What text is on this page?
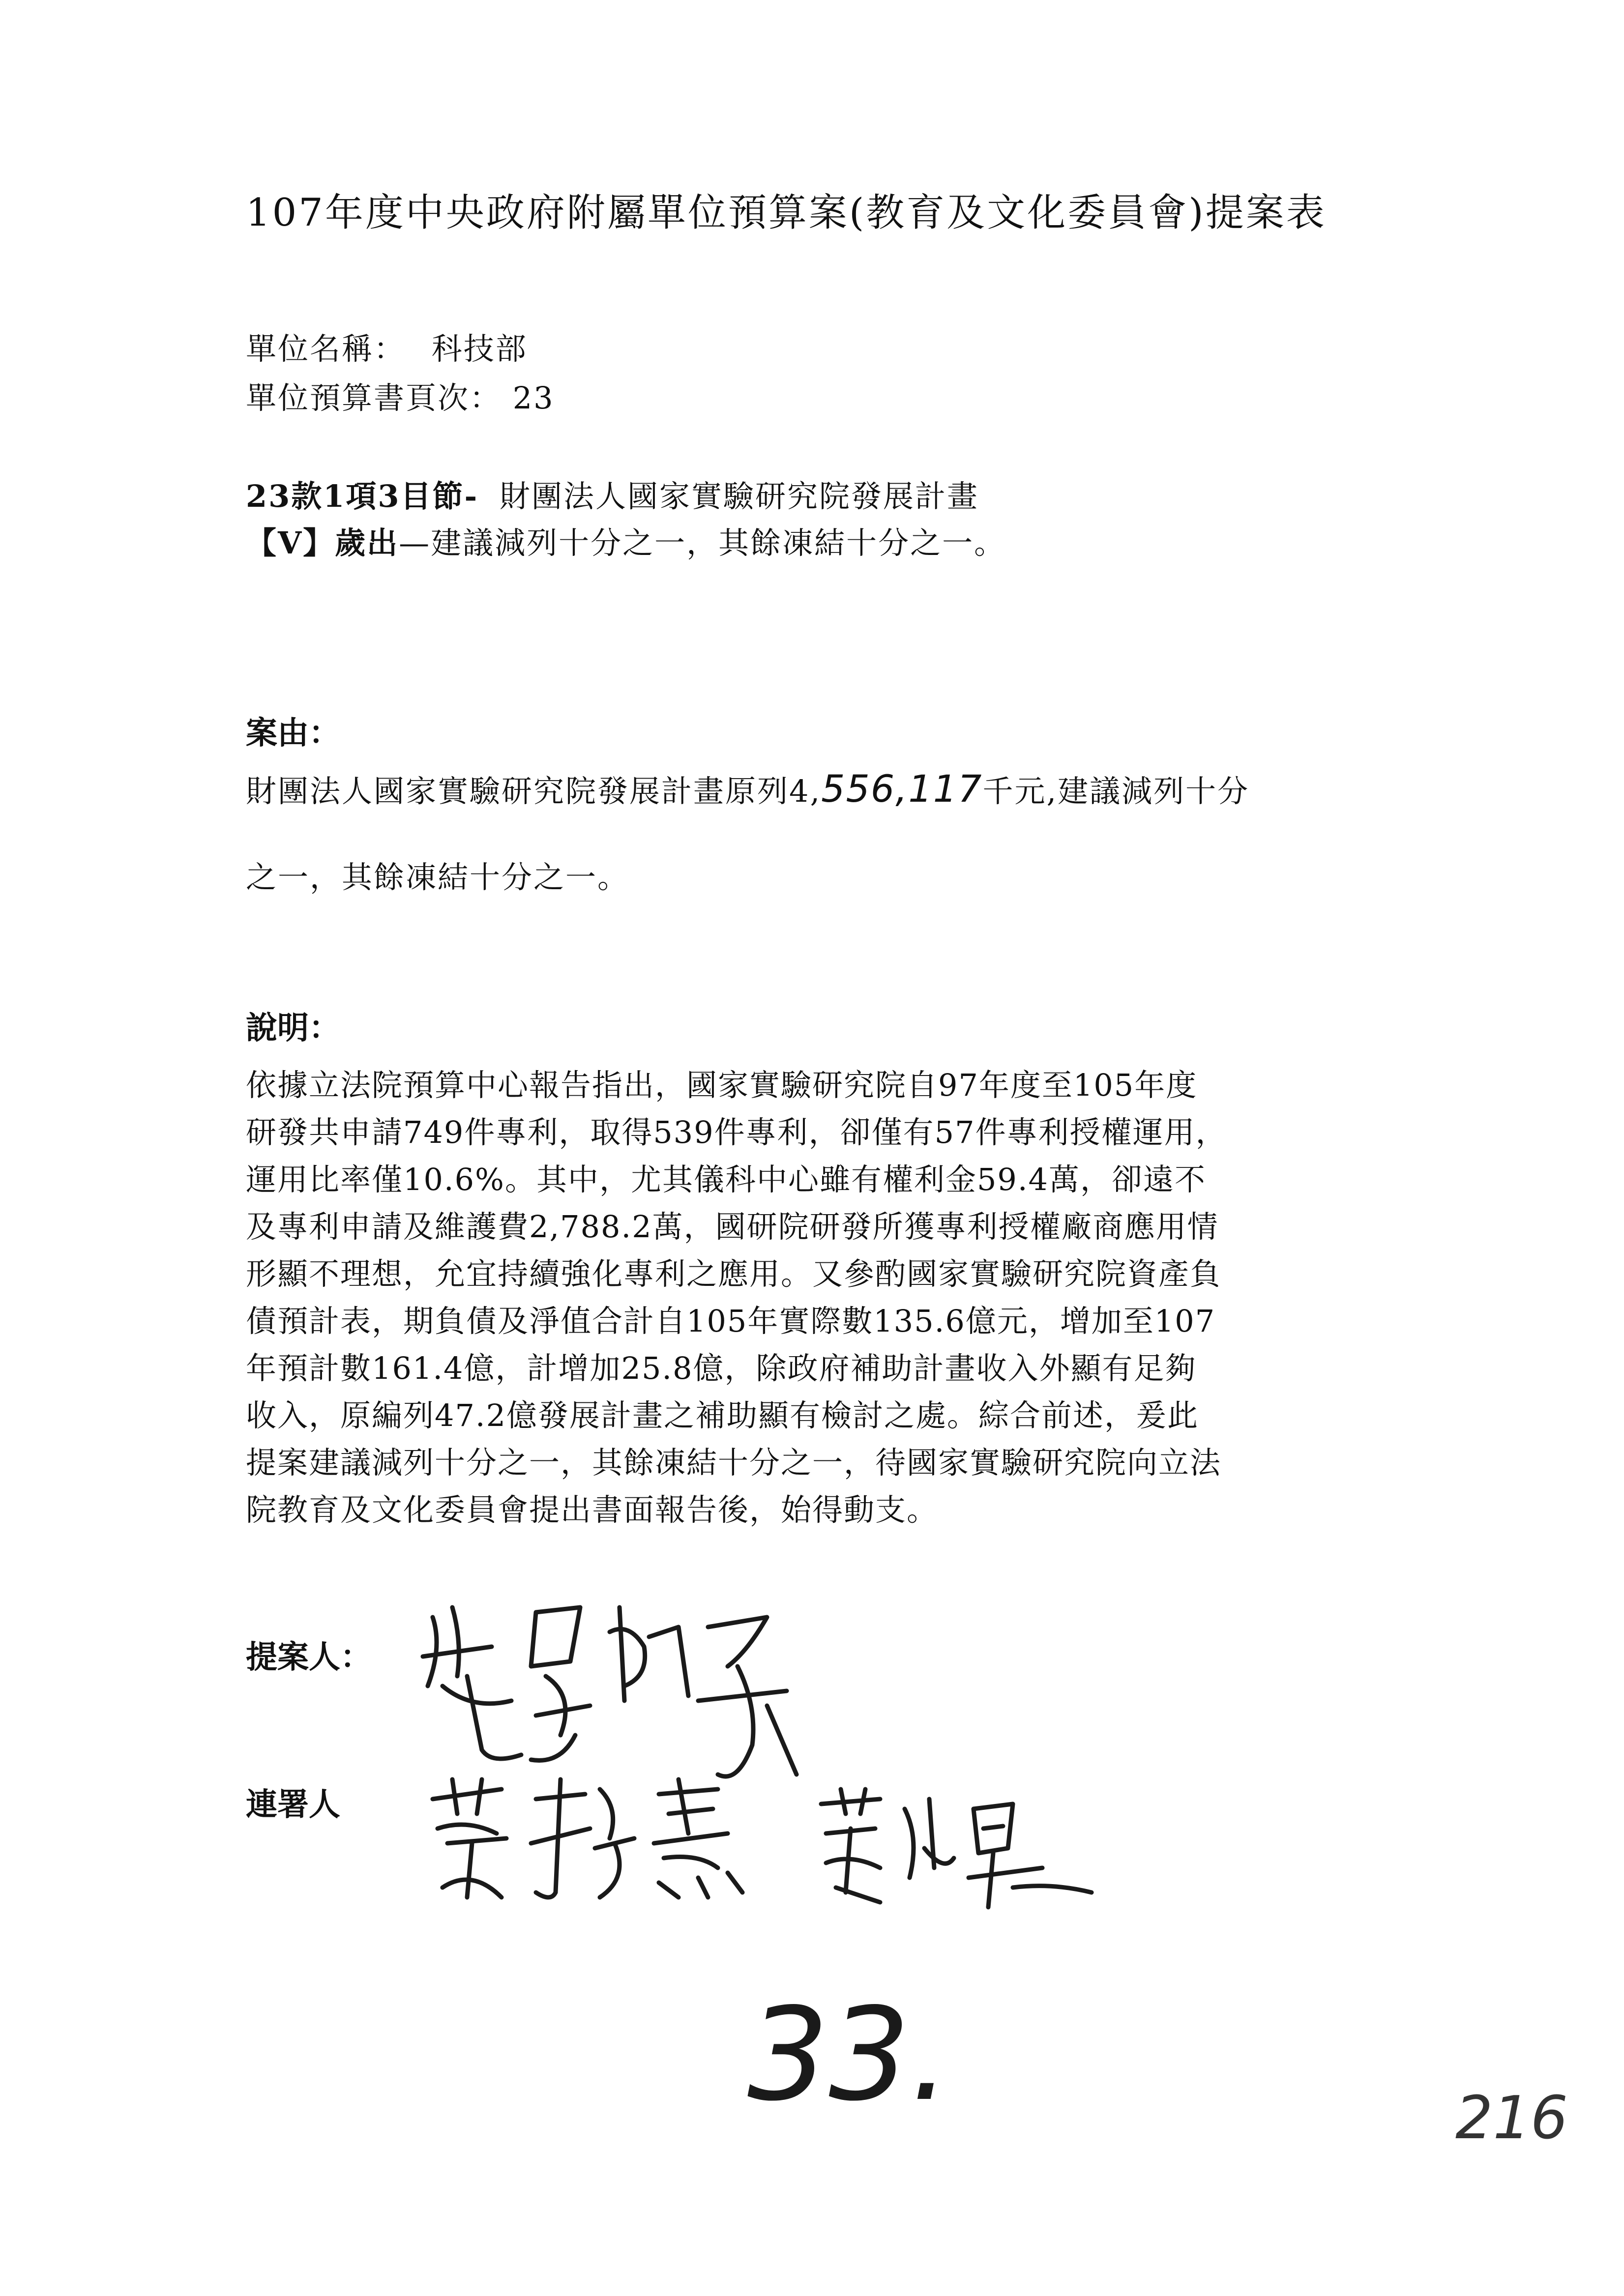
107年度中央政府附屬單位預算案(教育及文化委員會)提案表
單位名稱： 科技部
單位預算書頁次： 23
23款1項3目節- 財團法人國家實驗研究院發展計畫
【V】歲出—建議減列十分之一，其餘凍結十分之一。
案由：
財團法人國家實驗研究院發展計畫原列4,556,117千元,建議減列十分
之一，其餘凍結十分之一。
說明：
依據立法院預算中心報告指出，國家實驗研究院自97年度至105年度
研發共申請749件專利，取得539件專利，卻僅有57件專利授權運用，
運用比率僅10.6%。其中，尤其儀科中心雖有權利金59.4萬，卻遠不
及專利申請及維護費2,788.2萬，國研院研發所獲專利授權廠商應用情
形顯不理想，允宜持續強化專利之應用。又參酌國家實驗研究院資產負
債預計表，期負債及淨值合計自105年實際數135.6億元，增加至107
年預計數161.4億，計增加25.8億，除政府補助計畫收入外顯有足夠
收入，原編列47.2億發展計畫之補助顯有檢討之處。綜合前述，爰此
提案建議減列十分之一，其餘凍結十分之一，待國家實驗研究院向立法
院教育及文化委員會提出書面報告後，始得動支。
提案人：
連署人
33.	216
